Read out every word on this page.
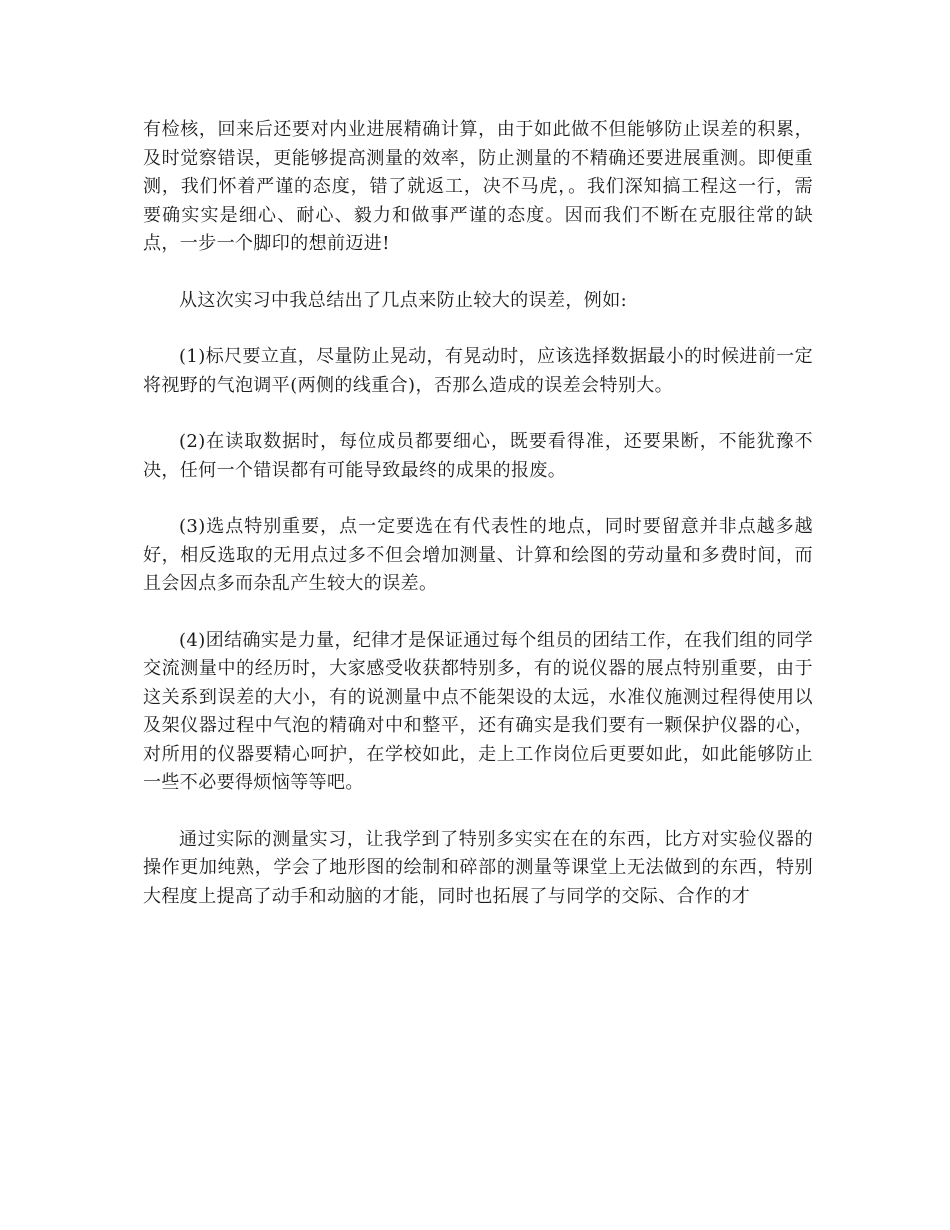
有检核，回来后还要对内业进展精确计算，由于如此做不但能够防止误差的积累，及时觉察错误，更能够提高测量的效率，防止测量的不精确还要进展重测。即便重测，我们怀着严谨的态度，错了就返工，决不马虎，。我们深知搞工程这一行，需要确实实是细心、耐心、毅力和做事严谨的态度。因而我们不断在克服往常的缺点，一步一个脚印的想前迈进!

从这次实习中我总结出了几点来防止较大的误差，例如:

(1)标尺要立直，尽量防止晃动，有晃动时，应该选择数据最小的时候进前一定将视野的气泡调平(两侧的线重合)，否那么造成的误差会特别大。

(2)在读取数据时，每位成员都要细心，既要看得准，还要果断，不能犹豫不决，任何一个错误都有可能导致最终的成果的报废。

(3)选点特别重要，点一定要选在有代表性的地点，同时要留意并非点越多越好，相反选取的无用点过多不但会增加测量、计算和绘图的劳动量和多费时间，而且会因点多而杂乱产生较大的误差。

(4)团结确实是力量，纪律才是保证通过每个组员的团结工作，在我们组的同学交流测量中的经历时，大家感受收获都特别多，有的说仪器的展点特别重要，由于这关系到误差的大小，有的说测量中点不能架设的太远，水准仪施测过程得使用以及架仪器过程中气泡的精确对中和整平，还有确实是我们要有一颗保护仪器的心，对所用的仪器要精心呵护，在学校如此，走上工作岗位后更要如此，如此能够防止一些不必要得烦恼等等吧。

通过实际的测量实习，让我学到了特别多实实在在的东西，比方对实验仪器的操作更加纯熟，学会了地形图的绘制和碎部的测量等课堂上无法做到的东西，特别大程度上提高了动手和动脑的才能，同时也拓展了与同学的交际、合作的才
